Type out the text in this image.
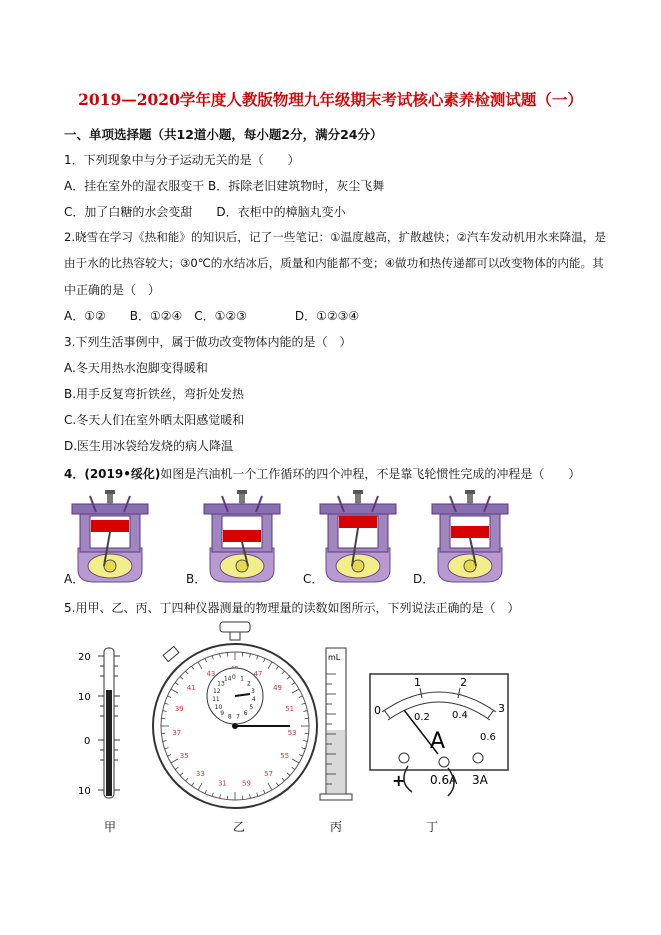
2019—2020学年度人教版物理九年级期末考试核心素养检测试题（一）
一、单项选择题（共12道小题，每小题2分，满分24分）
1．下列现象中与分子运动无关的是（　　）
A．挂在室外的湿衣服变干 B．拆除老旧建筑物时，灰尘飞舞
C．加了白糖的水会变甜　　D．衣柜中的樟脑丸变小
2.晓雪在学习《热和能》的知识后，记了一些笔记：①温度越高，扩散越快；②汽车发动机用水来降温，是
由于水的比热容较大；③0℃的水结冰后，质量和内能都不变；④做功和热传递都可以改变物体的内能。其
中正确的是（　）
A．①②　　B．①②④　C．①②③　　　　D．①②③④
3.下列生活事例中，属于做功改变物体内能的是（　）
A.冬天用热水泡脚变得暖和
B.用手反复弯折铁丝，弯折处发热
C.冬天人们在室外晒太阳感觉暖和
D.医生用冰袋给发烧的病人降温
4．(2019•绥化)如图是汽油机一个工作循环的四个冲程，不是靠飞轮惯性完成的冲程是（　　）
A．	B．	C．	D．
5.用甲、乙、丙、丁四种仪器测量的物理量的读数如图所示，下列说法正确的是（　）
20
10
0
10
31
33
35
37
39
41
43	47
49
51
53
55
57
59
0 1
2
3
4
5
6
7
8
9
10
11
12
13
14
mL
0
1	2
3
0.2 0.4
0.6
A
+ 0.6A 3A
甲	乙	丙	丁
